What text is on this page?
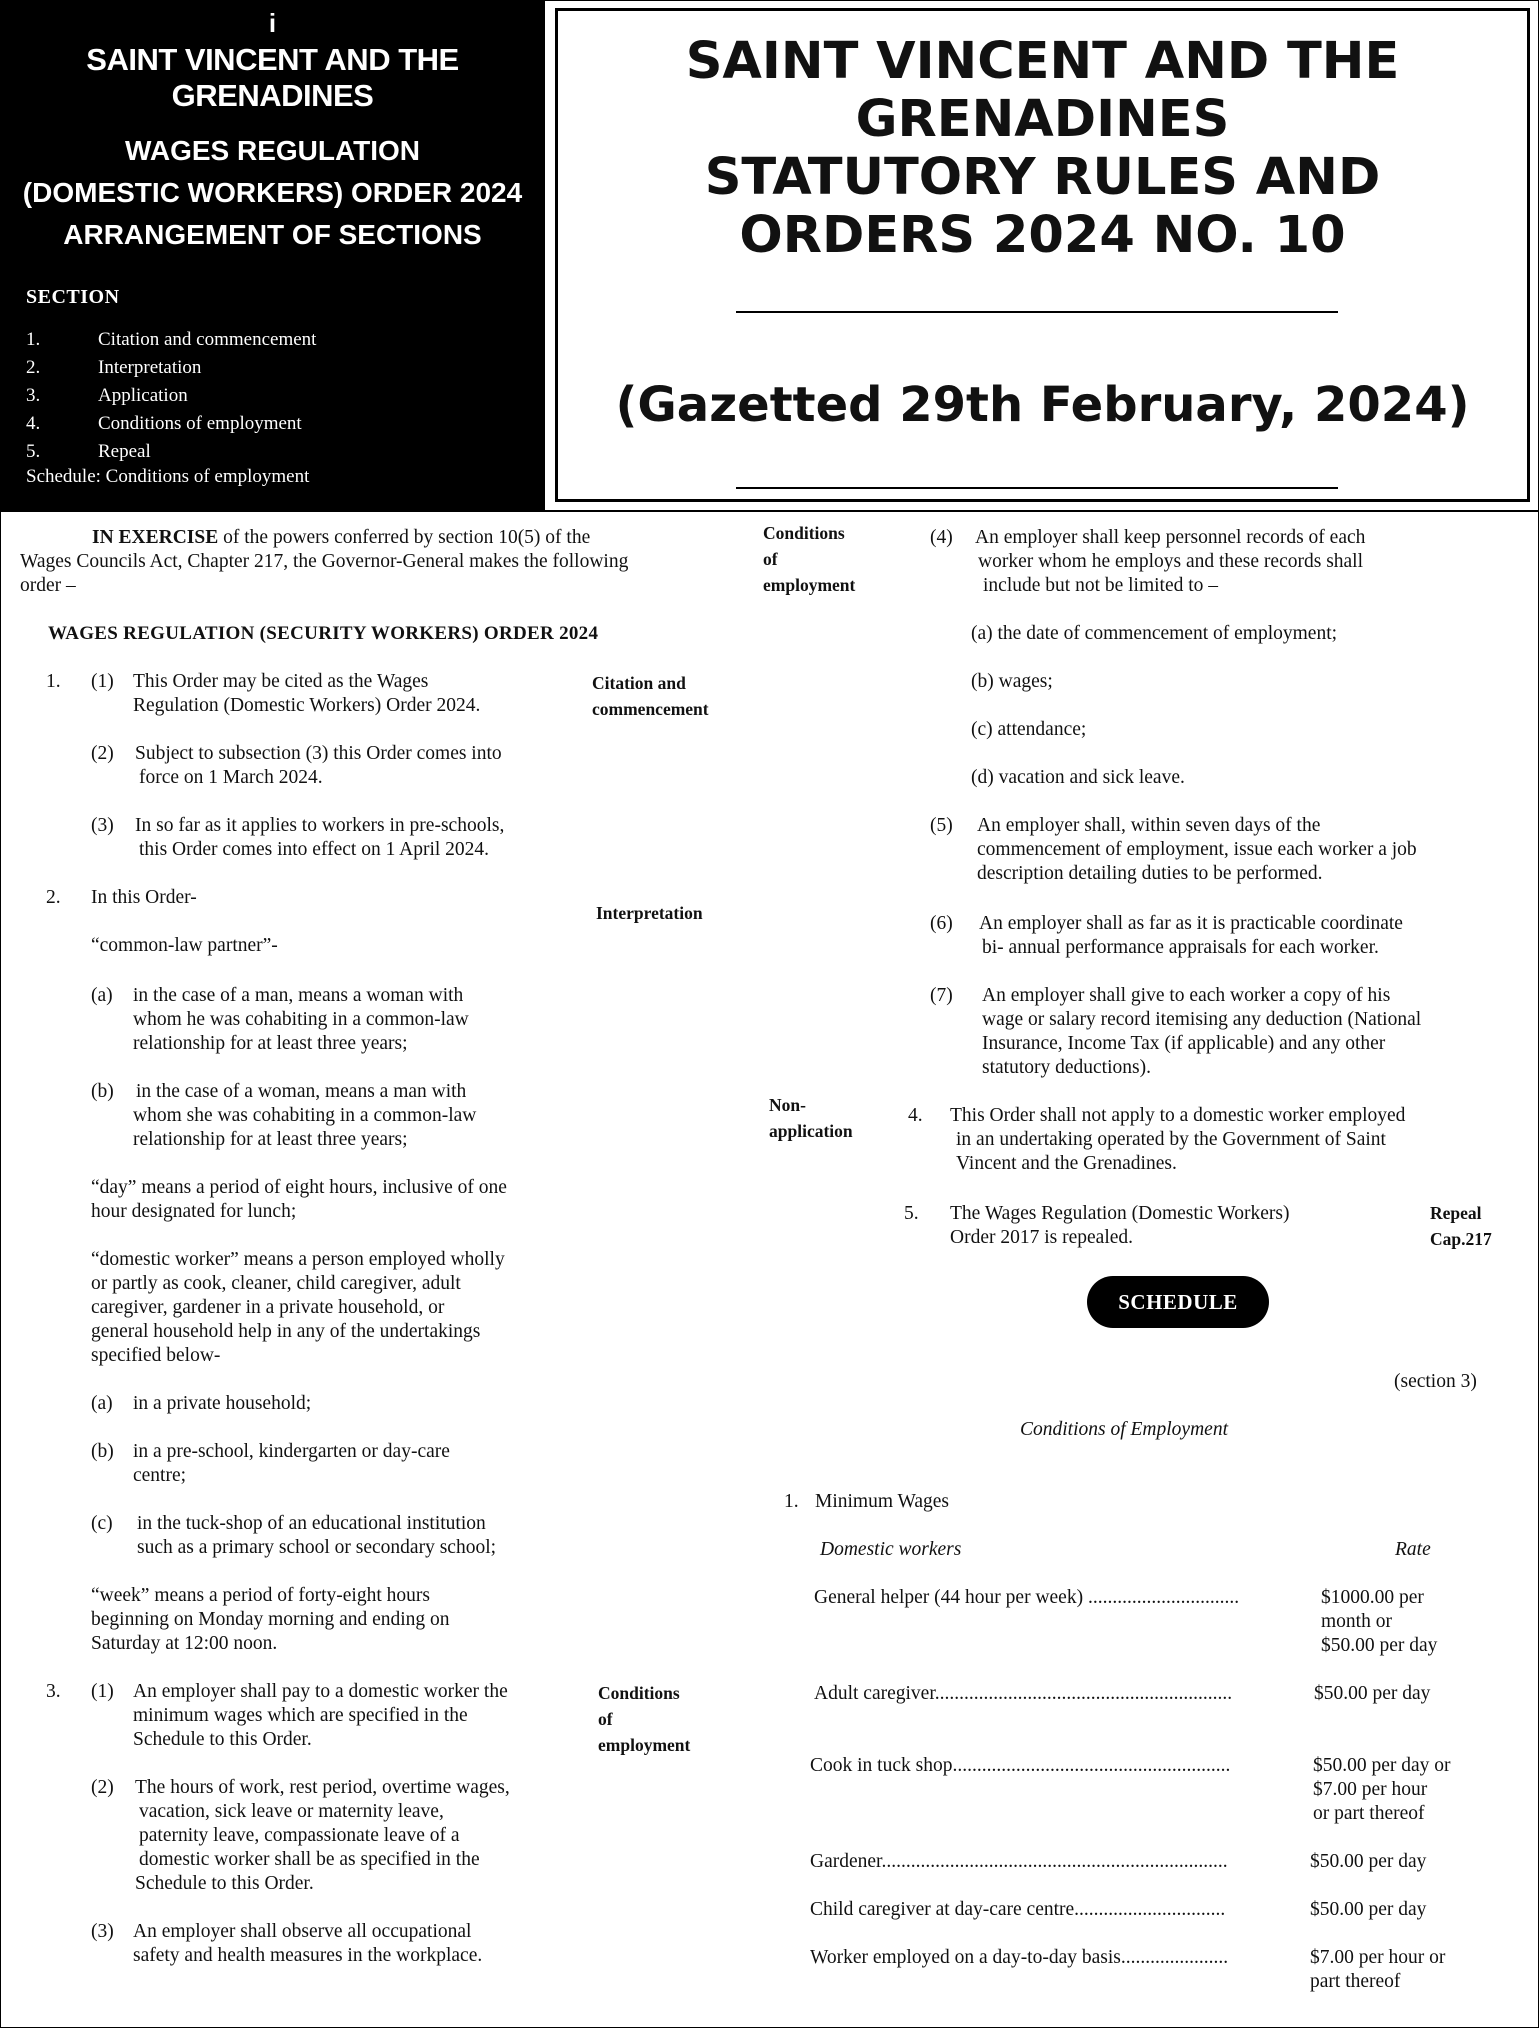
i
SAINT VINCENT AND THE GRENADINES
WAGES REGULATION
(DOMESTIC WORKERS) ORDER 2024
ARRANGEMENT OF SECTIONS
SECTION
1.	Citation and commencement
2.	Interpretation
3.	Application
4.	Conditions of employment
5.	Repeal
Schedule: Conditions of employment
SAINT VINCENT AND THE
GRENADINES
STATUTORY RULES AND
ORDERS 2024 NO. 10
(Gazetted 29th February, 2024)
IN EXERCISE of the powers conferred by section 10(5) of the
Wages Councils Act, Chapter 217, the Governor-General makes the following
order –
WAGES REGULATION (SECURITY WORKERS) ORDER 2024
1. (1) This Order may be cited as the Wages
Regulation (Domestic Workers) Order 2024.
(2) Subject to subsection (3) this Order comes into
force on 1 March 2024.
(3) In so far as it applies to workers in pre-schools,
this Order comes into effect on 1 April 2024.
2. In this Order-
“common-law partner”-
(a) in the case of a man, means a woman with
whom he was cohabiting in a common-law
relationship for at least three years;
(b) in the case of a woman, means a man with
whom she was cohabiting in a common-law
relationship for at least three years;
“day” means a period of eight hours, inclusive of one
hour designated for lunch;
“domestic worker” means a person employed wholly
or partly as cook, cleaner, child caregiver, adult
caregiver, gardener in a private household, or
general household help in any of the undertakings
specified below-
(a) in a private household;
(b) in a pre-school, kindergarten or day-care
centre;
(c) in the tuck-shop of an educational institution
such as a primary school or secondary school;
“week” means a period of forty-eight hours
beginning on Monday morning and ending on
Saturday at 12:00 noon.
3. (1) An employer shall pay to a domestic worker the
minimum wages which are specified in the
Schedule to this Order.
(2) The hours of work, rest period, overtime wages,
vacation, sick leave or maternity leave,
paternity leave, compassionate leave of a
domestic worker shall be as specified in the
Schedule to this Order.
(3) An employer shall observe all occupational
safety and health measures in the workplace.
Citation and
commencement
Interpretation
Conditions
of
employment
Conditions
of
employment
Non-
application
Repeal
Cap.217
(4) An employer shall keep personnel records of each
worker whom he employs and these records shall
include but not be limited to –
(a) the date of commencement of employment;
(b) wages;
(c) attendance;
(d) vacation and sick leave.
(5) An employer shall, within seven days of the
commencement of employment, issue each worker a job
description detailing duties to be performed.
(6) An employer shall as far as it is practicable coordinate
bi- annual performance appraisals for each worker.
(7) An employer shall give to each worker a copy of his
wage or salary record itemising any deduction (National
Insurance, Income Tax (if applicable) and any other
statutory deductions).
4. This Order shall not apply to a domestic worker employed
in an undertaking operated by the Government of Saint
Vincent and the Grenadines.
5. The Wages Regulation (Domestic Workers)
Order 2017 is repealed.
SCHEDULE
(section 3)
Conditions of Employment
1. Minimum Wages
Domestic workers	Rate
General helper (44 hour per week) ...............................	$1000.00 per
month or
$50.00 per day
Adult caregiver.............................................................	$50.00 per day
Cook in tuck shop.........................................................	$50.00 per day or
$7.00 per hour
or part thereof
Gardener.......................................................................	$50.00 per day
Child caregiver at day-care centre...............................	$50.00 per day
Worker employed on a day-to-day basis......................	$7.00 per hour or
part thereof
